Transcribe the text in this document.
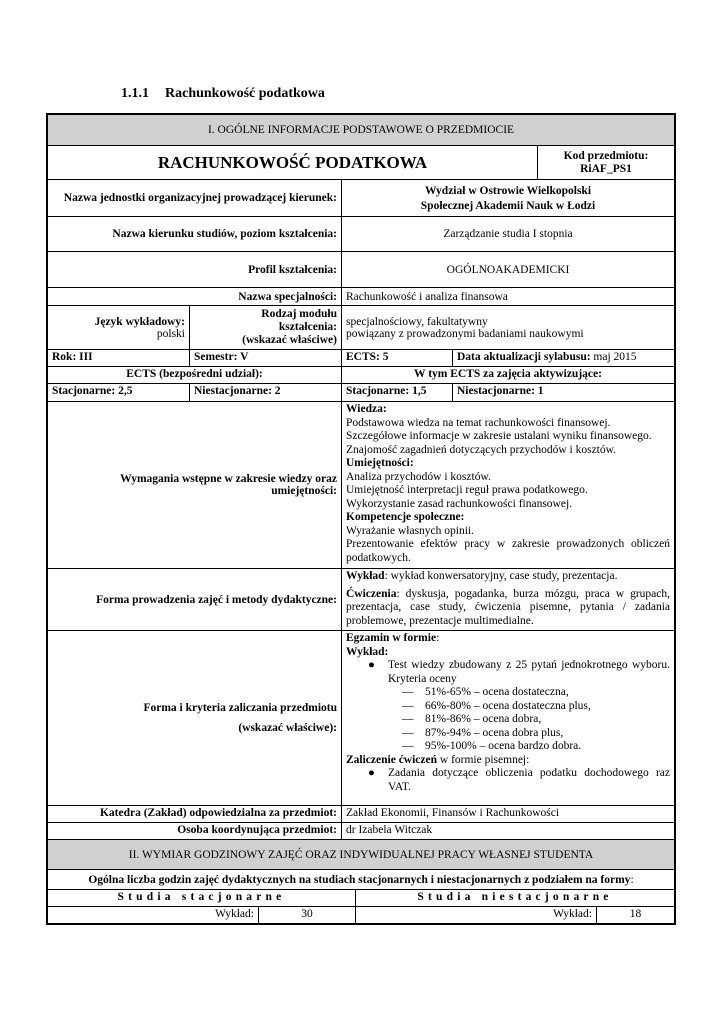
1.1.1 Rachunkowość podatkowa
I. OGÓLNE INFORMACJE PODSTAWOWE O PRZEDMIOCIE
RACHUNKOWOŚĆ PODATKOWA	Kod przedmiotu:
RiAF_PS1
Nazwa jednostki organizacyjnej prowadzącej kierunek:
Wydział w Ostrowie Wielkopolski
Społecznej Akademii Nauk w Łodzi
Nazwa kierunku studiów, poziom kształcenia:	Zarządzanie studia I stopnia
Profil kształcenia:	OGÓLNOAKADEMICKI
Nazwa specjalności: Rachunkowość i analiza finansowa
Język wykładowy:
polski
Rodzaj modułu
kształcenia:
(wskazać właściwe)
specjalnościowy, fakultatywny
powiązany z prowadzonymi badaniami naukowymi
Rok: III	Semestr: V	ECTS: 5	Data aktualizacji sylabusu: maj 2015
ECTS (bezpośredni udział):	W tym ECTS za zajęcia aktywizujące:
Stacjonarne: 2,5	Niestacjonarne: 2	Stacjonarne: 1,5	Niestacjonarne: 1
Wymagania wstępne w zakresie wiedzy oraz umiejętności:
Wiedza:
Podstawowa wiedza na temat rachunkowości finansowej.
Szczegółowe informacje w zakresie ustalani wyniku finansowego.
Znajomość zagadnień dotyczących przychodów i kosztów.
Umiejętności:
Analiza przychodów i kosztów.
Umiejętność interpretacji reguł prawa podatkowego.
Wykorzystanie zasad rachunkowości finansowej.
Kompetencje społeczne:
Wyrażanie własnych opinii.
Prezentowanie efektów pracy w zakresie prowadzonych obliczeń podatkowych.
Forma prowadzenia zajęć i metody dydaktyczne:
Wykład: wykład konwersatoryjny, case study, prezentacja.
Ćwiczenia: dyskusja, pogadanka, burza mózgu, praca w grupach, prezentacja, case study, ćwiczenia pisemne, pytania / zadania problemowe, prezentacje multimedialne.
Forma i kryteria zaliczania przedmiotu
(wskazać właściwe):
Egzamin w formie:
Wykład:
●	Test wiedzy zbudowany z 25 pytań jednokrotnego wyboru. Kryteria oceny
—    51%-65% – ocena dostateczna,
—    66%-80% – ocena dostateczna plus,
—    81%-86% – ocena dobra,
—    87%-94% – ocena dobra plus,
—    95%-100% – ocena bardzo dobra.
Zaliczenie ćwiczeń w formie pisemnej:
●	Zadania dotyczące obliczenia podatku dochodowego raz VAT.
Katedra (Zakład) odpowiedzialna za przedmiot: Zakład Ekonomii, Finansów i Rachunkowości
Osoba koordynująca przedmiot: dr Izabela Witczak
II. WYMIAR GODZINOWY ZAJĘĆ ORAZ INDYWIDUALNEJ PRACY WŁASNEJ STUDENTA
Ogólna liczba godzin zajęć dydaktycznych na studiach stacjonarnych i niestacjonarnych z podziałem na formy :
Studia stacjonarne	Studia niestacjonarne
Wykład:	30	Wykład:	18
